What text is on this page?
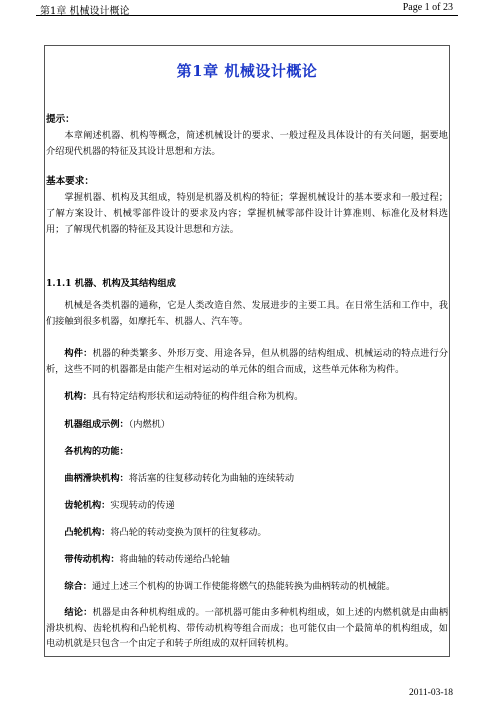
第1章 机械设计概论	Page 1 of 23
第1章 机械设计概论

提示：

本章阐述机器、机构等概念，简述机械设计的要求、一般过程及具体设计的有关问题，据要地介绍现代机器的特征及其设计思想和方法。

基本要求：

掌握机器、机构及其组成，特别是机器及机构的特征；掌握机械设计的基本要求和一般过程；了解方案设计、机械零部件设计的要求及内容；掌握机械零部件设计计算准则、标准化及材料选用；了解现代机器的特征及其设计思想和方法。

1.1.1 机器、机构及其结构组成
机械是各类机器的通称，它是人类改造自然、发展进步的主要工具。在日常生活和工作中，我们接触到很多机器，如摩托车、机器人、汽车等。
构件：机器的种类繁多、外形万变、用途各异，但从机器的结构组成、机械运动的特点进行分析，这些不同的机器都是由能产生相对运动的单元体的组合而成，这些单元体称为构件。
机构：具有特定结构形状和运动特征的构件组合称为机构。
机器组成示例：（内燃机）
各机构的功能：
曲柄滑块机构：将活塞的往复移动转化为曲轴的连续转动
齿轮机构：实现转动的传递
凸轮机构：将凸轮的转动变换为顶杆的往复移动。
带传动机构：将曲轴的转动传递给凸轮轴
综合：通过上述三个机构的协调工作使能将燃气的热能转换为曲柄转动的机械能。
结论：机器是由各种机构组成的。一部机器可能由多种机构组成，如上述的内燃机就是由曲柄滑块机构、齿轮机构和凸轮机构、带传动机构等组合而成；也可能仅由一个最简单的机构组成，如电动机就是只包含一个由定子和转子所组成的双杆回转机构。
2011-03-18
